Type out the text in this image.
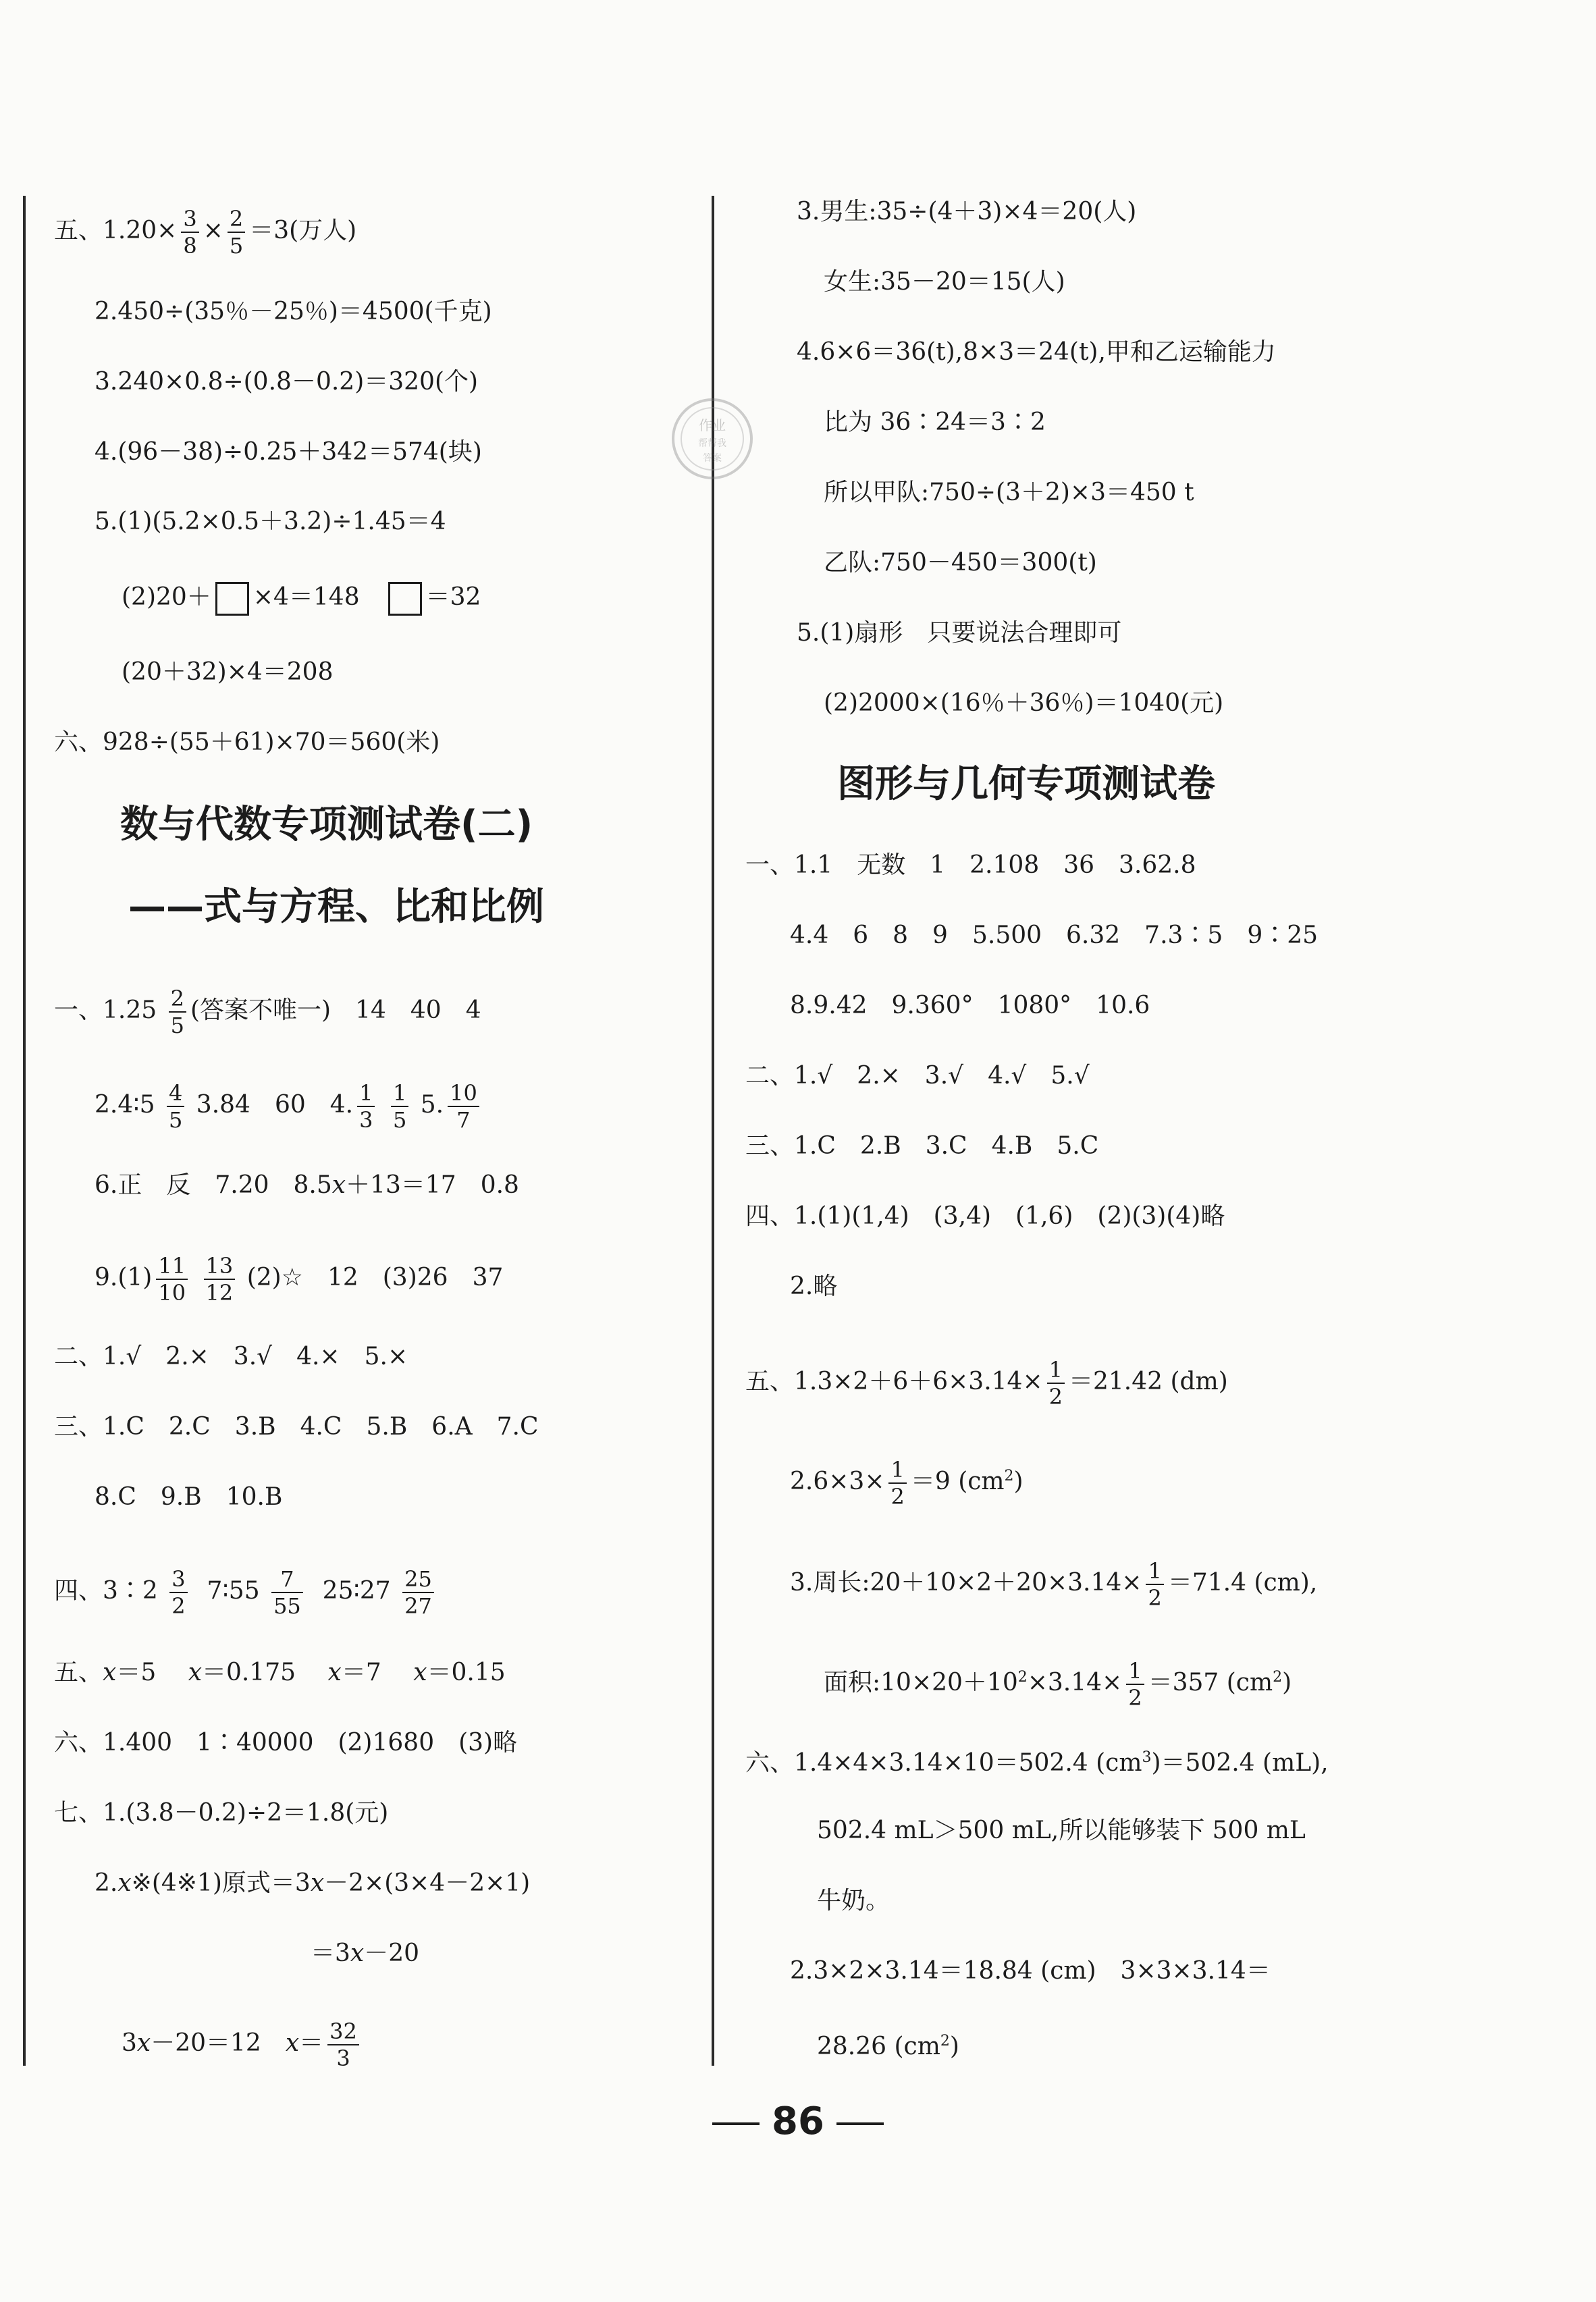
作业
帮帮我
答案
五、$1.20\times \frac{3}{8} \times \frac{2}{5} =3$(万人)
2.450÷(35％－25％)＝4500(千克)
3.240×0.8÷(0.8－0.2)＝320(个)
4.(96－38)÷0.25＋342＝574(块)
5.(1)(5.2×0.5＋3.2)÷1.45＝4
(2)20＋ ×4＝148　	＝32
(20＋32)×4＝208
六、928÷(55＋61)×70＝560(米)
数与代数专项测试卷(二)
——式与方程、比和比例
一、$1.25 \frac{2}{5}$ (答案不唯一)　14　40　4
2.4∶5 $\frac{4}{5} 3.84$　60　4. $\frac{1}{3}$
$\frac{1}{5} 5$. $\frac{10}{7}$
6.正　反　7.20　8.5x＋13＝17　0.8
$9.(1) \frac{11}{10}$
$\frac{13}{12}$ (2)☆　12　(3)26　37
二、1.√　2.×　3.√　4.×　5.×
三、1.C　2.C　3.B　4.C　5.B　6.A　7.C
8.C　9.B　10.B
四、3∶2 $\frac{3}{2}$ 7∶55 $\frac{7}{55}$ 25∶27 $\frac{25}{27}$
五、x＝5　 x＝0.175　 x＝7　 x＝0.15
六、1.400　1∶40000　(2)1680　(3)略
七、1.(3.8－0.2)÷2＝1.8(元)
2.x※(4※1)原式＝3x－2×(3×4－2×1)
＝3x－20
3x－20＝12　$x= \frac{32}{3}$
3.男生:35÷(4＋3)×4＝20(人)
女生:35－20＝15(人)
4.6×6＝36(t),8×3＝24(t),甲和乙运输能力
比为 36∶24＝3∶2
所以甲队:750÷(3＋2)×3＝450 t
乙队:750－450＝300(t)
5.(1)扇形　只要说法合理即可
(2)2000×(16％＋36％)＝1040(元)
图形与几何专项测试卷
一、1.1　无数　1　2.108　36　3.62.8
4.4　6　8　9　5.500　6.32　7.3∶5　9∶25
8.9.42　9.360°　1080°　10.6
二、1.√　2.×　3.√　4.√　5.√
三、1.C　2.B　3.C　4.B　5.C
四、1.(1)(1,4)　(3,4)　(1,6)　(2)(3)(4)略
2.略
五、$1.3\times 2+6+6\times 3.14\times \frac{1}{2} =21.42$ (dm)
$2.6\times 3\times \frac{1}{2} =9$ $(cm^2)$
3.周长:20＋10×2＋20×3.14× $\frac{1}{2} =71.4$ (cm),
面积$:10\times 20+10^2\times 3.14\times \frac{1}{2} =357$ $(cm^2)$
六、1.4×4×3.14×10＝502.4 $(cm^3)=502.4$ (mL),
502.4 mL＞500 mL,所以能够装下 500 mL
牛奶。
2.3×2×3.14＝18.84 (cm)　3×3×3.14＝
28.26 $(cm^2)$
86
